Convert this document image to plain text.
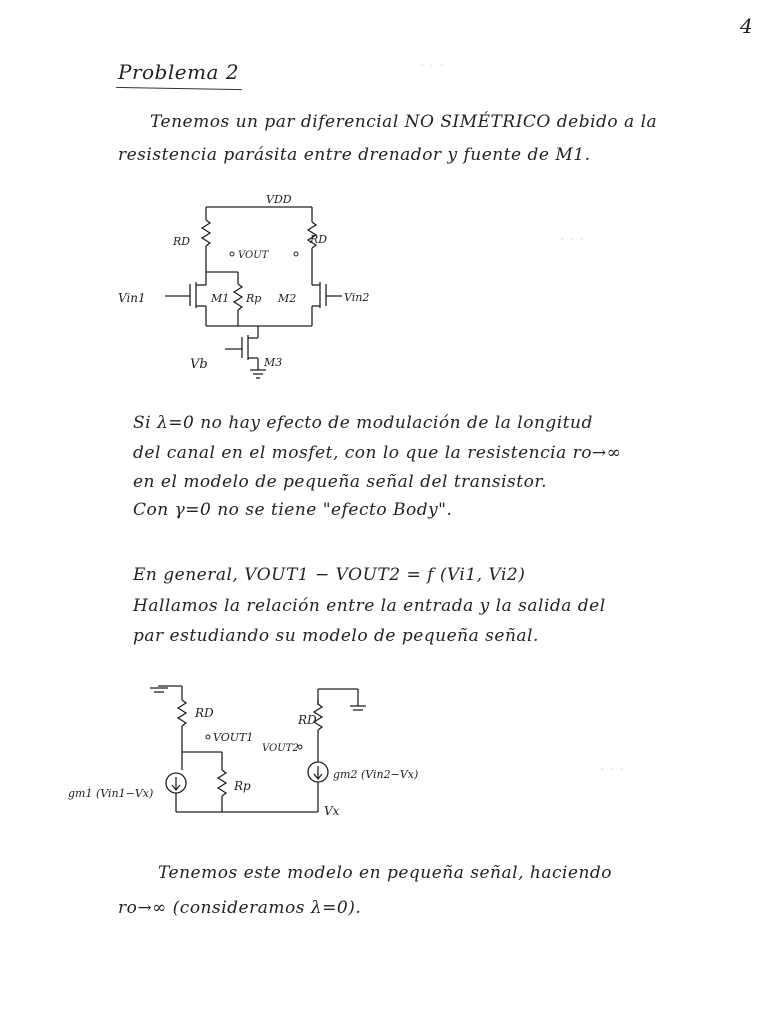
· · ·
· · ·
· · ·
4
Problema 2
Tenemos un par diferencial NO SIMÉTRICO debido a la
resistencia parásita entre drenador y fuente de M1.
VDD
RD	RD
VOUT
Vin1	M1 Rp M2	Vin2
Vb	M3
Si λ=0 no hay efecto de modulación de la longitud
del canal en el mosfet, con lo que la resistencia ro→∞
en el modelo de pequeña señal del transistor.
Con γ=0 no se tiene "efecto Body".
En general, VOUT1 − VOUT2 = f (Vi1, Vi2)
Hallamos la relación entre la entrada y la salida del
par estudiando su modelo de pequeña señal.
RD
VOUT1
gm1 (Vin1−Vx)
Rp
Vx
RD
VOUT2
gm2 (Vin2−Vx)
Tenemos este modelo en pequeña señal, haciendo
ro→∞ (consideramos λ=0).
